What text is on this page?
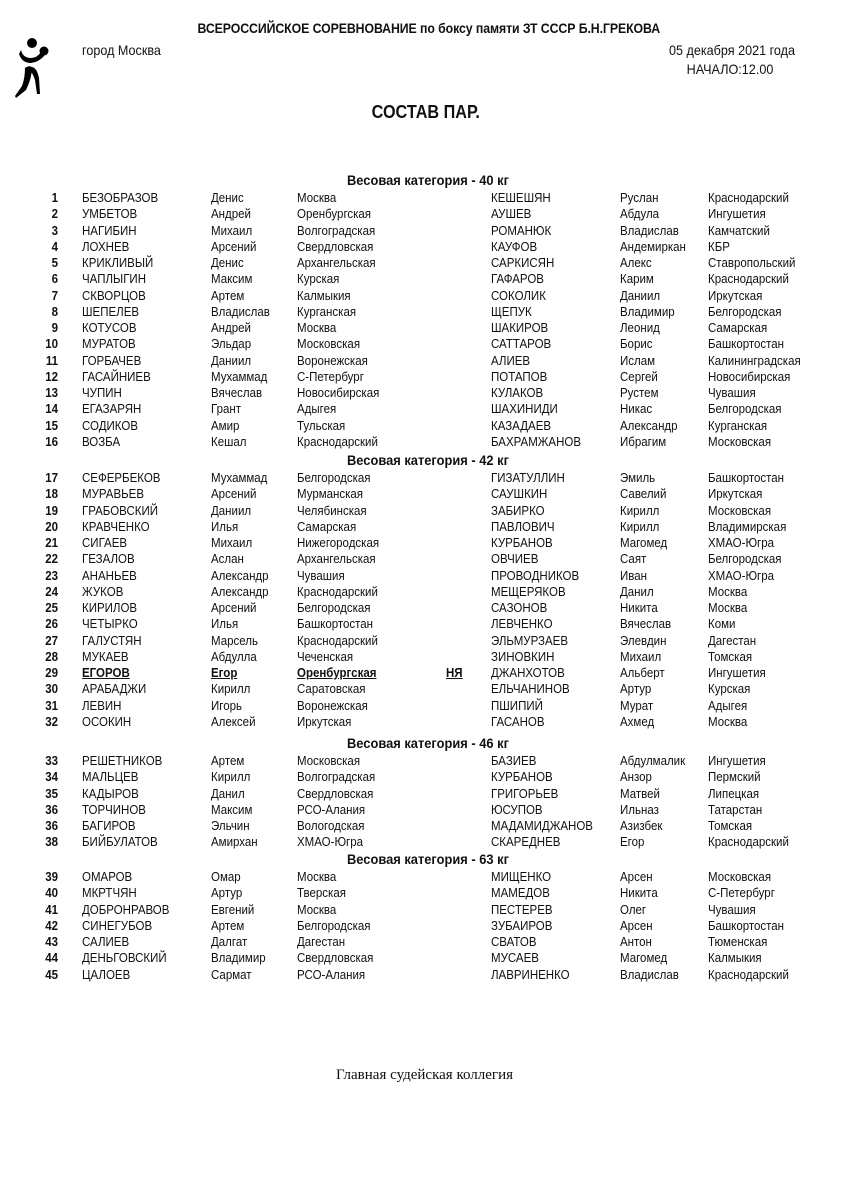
ВСЕРОССИЙСКОЕ СОРЕВНОВАНИЕ по боксу памяти ЗТ СССР Б.Н.ГРЕКОВА
город Москва	05 декабря 2021 года
НАЧАЛО:12.00
СОСТАВ ПАР.
Весовая категория - 40 кг
1 БЕЗОБРАЗОВ	Денис	Москва	КЕШЕШЯН	Руслан	Краснодарский
2 УМБЕТОВ	Андрей	Оренбургская	АУШЕВ	Абдула	Ингушетия
3 НАГИБИН	Михаил	Волгоградская	РОМАНЮК	Владислав Камчатский
4 ЛОХНЕВ	Арсений	Свердловская	КАУФОВ	Андемиркан КБР
5 КРИКЛИВЫЙ	Денис	Архангельская	САРКИСЯН	Алекс	Ставропольский
6 ЧАПЛЫГИН	Максим	Курская	ГАФАРОВ	Карим	Краснодарский
7 СКВОРЦОВ	Артем	Калмыкия	СОКОЛИК	Даниил	Иркутская
8 ШЕПЕЛЕВ	Владислав Курганская	ЩЕПУК	Владимир	Белгородская
9 КОТУСОВ	Андрей	Москва	ШАКИРОВ	Леонид	Самарская
10 МУРАТОВ	Эльдар	Московская	САТТАРОВ	Борис	Башкортостан
11 ГОРБАЧЕВ	Даниил	Воронежская	АЛИЕВ	Ислам	Калининградская
12 ГАСАЙНИЕВ	Мухаммад С-Петербург	ПОТАПОВ	Сергей	Новосибирская
13 ЧУПИН	Вячеслав	Новосибирская	КУЛАКОВ	Рустем	Чувашия
14 ЕГАЗАРЯН	Грант	Адыгея	ШАХИНИДИ	Никас	Белгородская
15 СОДИКОВ	Амир	Тульская	КАЗАДАЕВ	Александр Курганская
16 ВОЗБА	Кешал	Краснодарский	БАХРАМЖАНОВ	Ибрагим	Московская
Весовая категория - 42 кг
17 СЕФЕРБЕКОВ	Мухаммад Белгородская	ГИЗАТУЛЛИН	Эмиль	Башкортостан
18 МУРАВЬЕВ	Арсений	Мурманская	САУШКИН	Савелий	Иркутская
19 ГРАБОВСКИЙ	Даниил	Челябинская	ЗАБИРКО	Кирилл	Московская
20 КРАВЧЕНКО	Илья	Самарская	ПАВЛОВИЧ	Кирилл	Владимирская
21 СИГАЕВ	Михаил	Нижегородская	КУРБАНОВ	Магомед	ХМАО-Югра
22 ГЕЗАЛОВ	Аслан	Архангельская	ОВЧИЕВ	Саят	Белгородская
23 АНАНЬЕВ	Александр Чувашия	ПРОВОДНИКОВ	Иван	ХМАО-Югра
24 ЖУКОВ	Александр Краснодарский	МЕЩЕРЯКОВ	Данил	Москва
25 КИРИЛОВ	Арсений	Белгородская	САЗОНОВ	Никита	Москва
26 ЧЕТЫРКО	Илья	Башкортостан	ЛЕВЧЕНКО	Вячеслав	Коми
27 ГАЛУСТЯН	Марсель	Краснодарский	ЭЛЬМУРЗАЕВ	Элевдин	Дагестан
28 МУКАЕВ	Абдулла	Чеченская	ЗИНОВКИН	Михаил	Томская
29 ЕГОРОВ	Егор	Оренбургская	НЯ ДЖАНХОТОВ	Альберт	Ингушетия
30 АРАБАДЖИ	Кирилл	Саратовская	ЕЛЬЧАНИНОВ	Артур	Курская
31 ЛЕВИН	Игорь	Воронежская	ПШИПИЙ	Мурат	Адыгея
32 ОСОКИН	Алексей	Иркутская	ГАСАНОВ	Ахмед	Москва
Весовая категория - 46 кг
33 РЕШЕТНИКОВ	Артем	Московская	БАЗИЕВ	Абдулмалик Ингушетия
34 МАЛЬЦЕВ	Кирилл	Волгоградская	КУРБАНОВ	Анзор	Пермский
35 КАДЫРОВ	Данил	Свердловская	ГРИГОРЬЕВ	Матвей	Липецкая
36 ТОРЧИНОВ	Максим	РСО-Алания	ЮСУПОВ	Ильназ	Татарстан
36 БАГИРОВ	Эльчин	Вологодская	МАДАМИДЖАНОВ Азизбек	Томская
38 БИЙБУЛАТОВ	Амирхан	ХМАО-Югра	СКАРЕДНЕВ	Егор	Краснодарский
Весовая категория - 63 кг
39 ОМАРОВ	Омар	Москва	МИЩЕНКО	Арсен	Московская
40 МКРТЧЯН	Артур	Тверская	МАМЕДОВ	Никита	С-Петербург
41 ДОБРОНРАВОВ	Евгений	Москва	ПЕСТЕРЕВ	Олег	Чувашия
42 СИНЕГУБОВ	Артем	Белгородская	ЗУБАИРОВ	Арсен	Башкортостан
43 САЛИЕВ	Далгат	Дагестан	СВАТОВ	Антон	Тюменская
44 ДЕНЬГОВСКИЙ	Владимир	Свердловская	МУСАЕВ	Магомед	Калмыкия
45 ЦАЛОЕВ	Сармат	РСО-Алания	ЛАВРИНЕНКО	Владислав Краснодарский
Главная судейская коллегия
